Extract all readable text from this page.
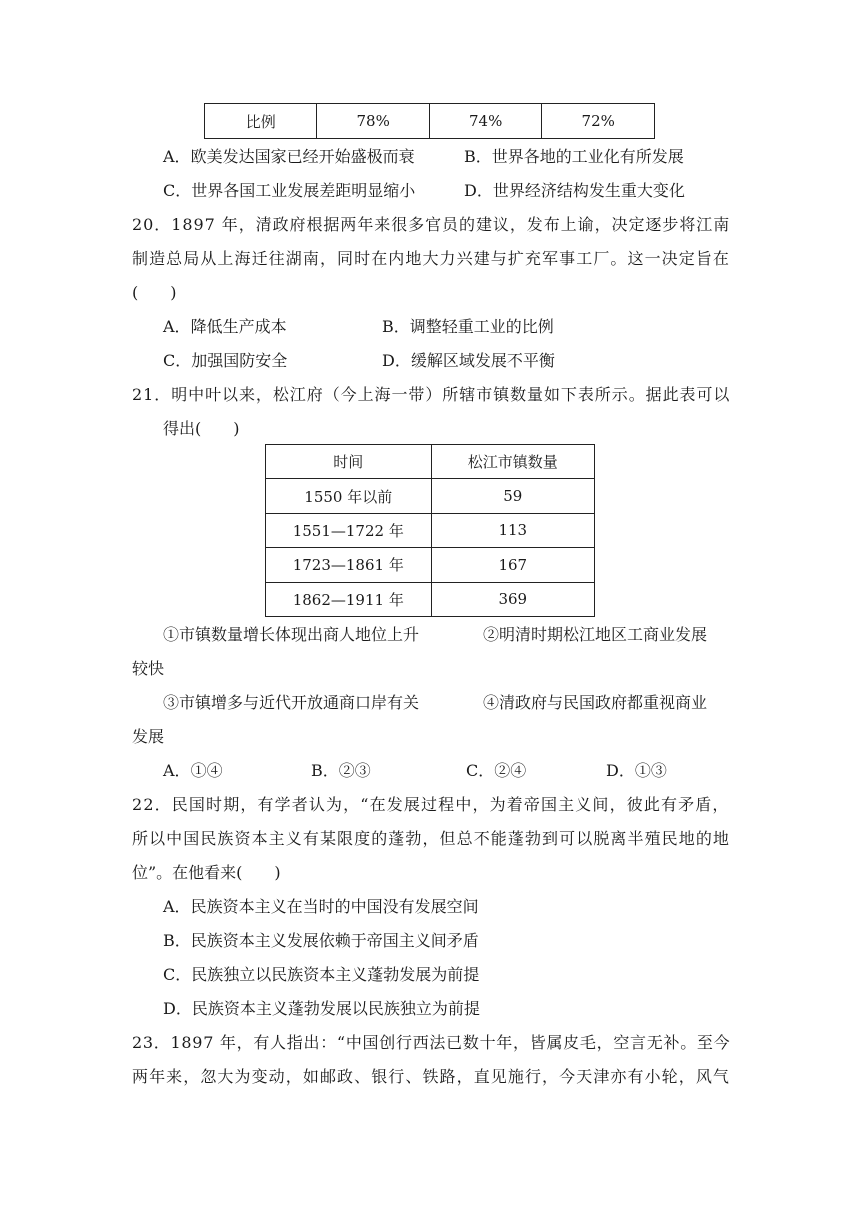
比例	78%	74%	72%
A．欧美发达国家已经开始盛极而衰	B．世界各地的工业化有所发展
C．世界各国工业发展差距明显缩小	D．世界经济结构发生重大变化
20．1897 年，清政府根据两年来很多官员的建议，发布上谕，决定逐步将江南
制造总局从上海迁往湖南，同时在内地大力兴建与扩充军事工厂。这一决定旨在
(　　)
A．降低生产成本	B．调整轻重工业的比例
C．加强国防安全	D．缓解区域发展不平衡
21．明中叶以来，松江府（今上海一带）所辖市镇数量如下表所示。据此表可以
得出(　　)
时间	松江市镇数量
1550 年以前	59
1551—1722 年	113
1723—1861 年	167
1862—1911 年	369
①市镇数量增长体现出商人地位上升	②明清时期松江地区工商业发展
较快
③市镇增多与近代开放通商口岸有关	④清政府与民国政府都重视商业
发展
A．①④	B．②③	C．②④	D．①③
22．民国时期，有学者认为，“在发展过程中，为着帝国主义间，彼此有矛盾，
所以中国民族资本主义有某限度的蓬勃，但总不能蓬勃到可以脱离半殖民地的地
位”。在他看来(　　)
A．民族资本主义在当时的中国没有发展空间
B．民族资本主义发展依赖于帝国主义间矛盾
C．民族独立以民族资本主义蓬勃发展为前提
D．民族资本主义蓬勃发展以民族独立为前提
23．1897 年，有人指出：“中国创行西法已数十年，皆属皮毛，空言无补。至今
两年来，忽大为变动，如邮政、银行、铁路，直见施行，今天津亦有小轮，风气
